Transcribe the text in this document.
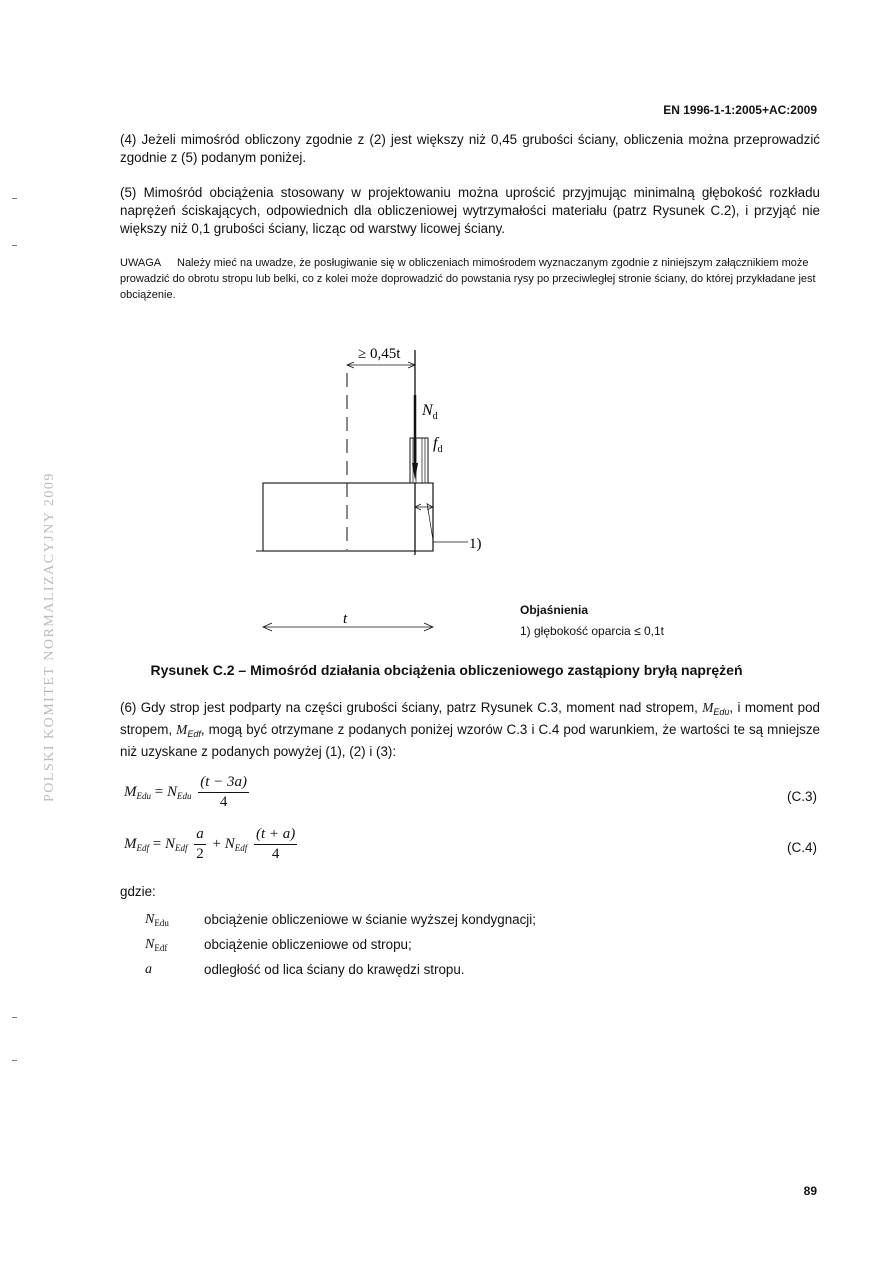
EN 1996-1-1:2005+AC:2009
(4) Jeżeli mimośród obliczony zgodnie z (2) jest większy niż 0,45 grubości ściany, obliczenia można przeprowadzić zgodnie z (5) podanym poniżej.
(5) Mimośród obciążenia stosowany w projektowaniu można uprościć przyjmując minimalną głębokość rozkładu naprężeń ściskających, odpowiednich dla obliczeniowej wytrzymałości materiału (patrz Rysunek C.2), i przyjąć nie większy niż 0,1 grubości ściany, licząc od warstwy licowej ściany.
UWAGA Należy mieć na uwadze, że posługiwanie się w obliczeniach mimośrodem wyznaczanym zgodnie z niniejszym załącznikiem może prowadzić do obrotu stropu lub belki, co z kolei może doprowadzić do powstania rysy po przeciwległej stronie ściany, do której przykładane jest obciążenie.
≥ 0,45t
$N_d$
$f_d$
1)
t
Objaśnienia
1) głębokość oparcia ≤ 0,1t
Rysunek C.2 – Mimośród działania obciążenia obliczeniowego zastąpiony bryłą naprężeń
(6) Gdy strop jest podparty na części grubości ściany, patrz Rysunek C.3, moment nad stropem, $M_{Edu}$, i moment pod stropem, $M_{Edf}$, mogą być otrzymane z podanych poniżej wzorów C.3 i C.4 pod warunkiem, że wartości te są mniejsze niż uzyskane z podanych powyżej (1), (2) i (3):
$M_{Edu} = N_{Edu} \frac{(t - 3a)}{4}$	(C.3)
$M_{Edf} = N_{Edf} \frac{a}{2} + N_{Edf} \frac{(t + a)}{4}$	(C.4)
gdzie:
$N_{Edu}$	obciążenie obliczeniowe w ścianie wyższej kondygnacji;
$N_{Edf}$	obciążenie obliczeniowe od stropu;
a	odległość od lica ściany do krawędzi stropu.
89
POLSKI KOMITET NORMALIZACYJNY 2009
